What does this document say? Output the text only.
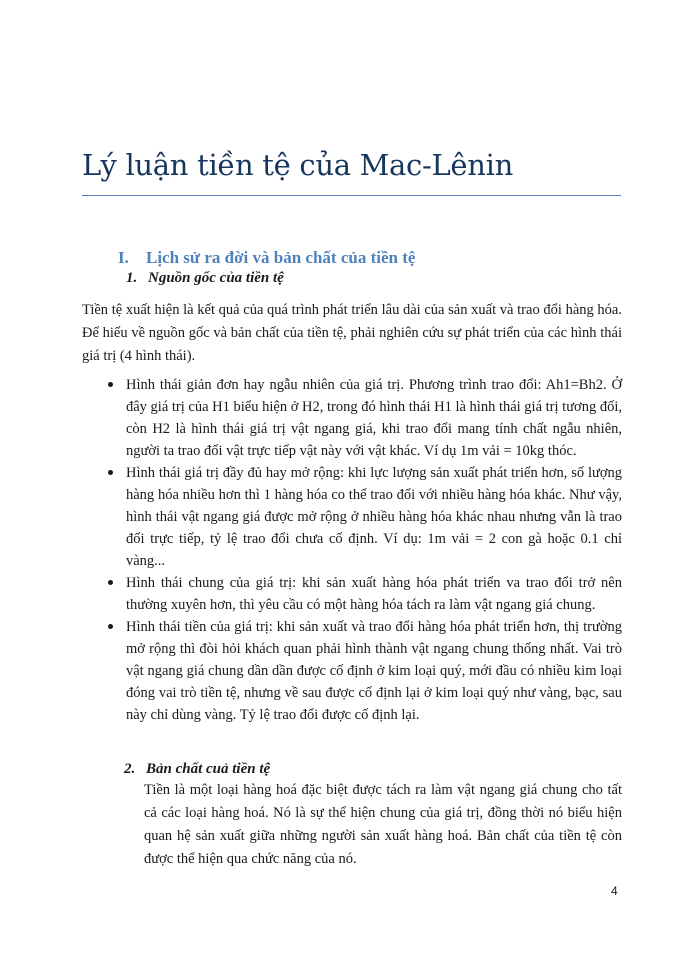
Lý luận tiền tệ của Mac-Lênin
I. Lịch sử ra đời và bản chất của tiền tệ
1. Nguồn gốc của tiền tệ

Tiền tệ xuất hiện là kết quả của quá trình phát triển lâu dài của sản xuất và trao đổi hàng hóa. Để hiểu về nguồn gốc và bản chất của tiền tệ, phải nghiên cứu sự phát triển của các hình thái giá trị (4 hình thái).

Hình thái giản đơn hay ngẫu nhiên của giá trị. Phương trình trao đổi: Ah1=Bh2. Ở đây giá trị của H1 biểu hiện ở H2, trong đó hình thái H1 là hình thái giá trị tương đối, còn H2 là hình thái giá trị vật ngang giá, khi trao đổi mang tính chất ngẫu nhiên, người ta trao đổi vật trực tiếp vật này với vật khác. Ví dụ 1m vải = 10kg thóc.
Hình thái giá trị đầy đủ hay mở rộng: khi lực lượng sản xuất phát triển hơn, số lượng hàng hóa nhiều hơn thì 1 hàng hóa co thể trao đổi với nhiều hàng hóa khác. Như vậy, hình thái vật ngang giá được mở rộng ở nhiều hàng hóa khác nhau nhưng vẫn là trao đổi trực tiếp, tỷ lệ trao đổi chưa cố định. Ví dụ: 1m vải = 2 con gà hoặc 0.1 chỉ vàng...
Hình thái chung của giá trị: khi sản xuất hàng hóa phát triển va trao đổi trở nên thường xuyên hơn, thì yêu cầu có một hàng hóa tách ra làm vật ngang giá chung.
Hình thái tiền của giá trị: khi sản xuất và trao đổi hàng hóa phát triển hơn, thị trường mở rộng thì đòi hỏi khách quan phải hình thành vật ngang chung thống nhất. Vai trò vật ngang giá chung dần dần được cố định ở kim loại quý, mới đầu có nhiều kim loại đóng vai trò tiền tệ, nhưng về sau được cố định lại ở kim loại quý như vàng, bạc, sau này chỉ dùng vàng. Tỷ lệ trao đổi được cố định lại.
2. Bản chất cuả tiền tệ

Tiền là một loại hàng hoá đặc biệt được tách ra làm vật ngang giá chung cho tất cả các loại hàng hoá. Nó là sự thể hiện chung của giá trị, đồng thời nó biểu hiện quan hệ sản xuất giữa những người sản xuất hàng hoá. Bản chất của tiền tệ còn được thể hiện qua chức năng của nó.

4
